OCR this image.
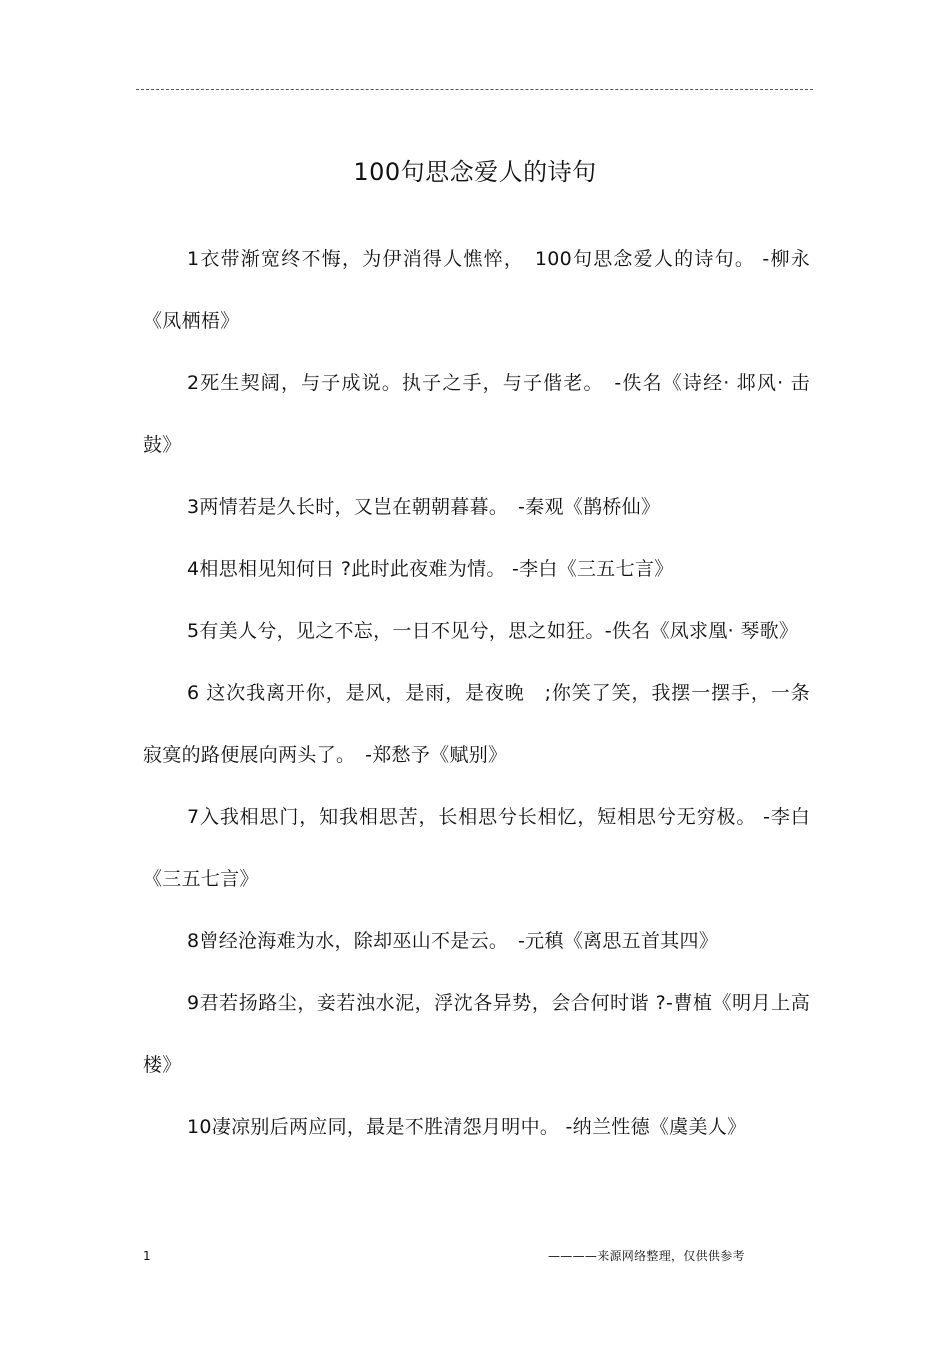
100句思念爱人的诗句

1衣带渐宽终不悔，为伊消得人憔悴，　100句思念爱人的诗句。 -柳永《凤栖梧》

2死生契阔，与子成说。执子之手，与子偕老。　-佚名《诗经· 邶风· 击鼓》

3两情若是久长时，又岂在朝朝暮暮。　-秦观《鹊桥仙》

4相思相见知何日 ?此时此夜难为情。 -李白《三五七言》

5有美人兮，见之不忘，一日不见兮，思之如狂。-佚名《凤求凰· 琴歌》

6 这次我离开你，是风，是雨，是夜晚　;你笑了笑，我摆一摆手，一条寂寞的路便展向两头了。　-郑愁予《赋别》

7入我相思门，知我相思苦，长相思兮长相忆，短相思兮无穷极。 -李白《三五七言》

8曾经沧海难为水，除却巫山不是云。　-元稹《离思五首其四》

9君若扬路尘，妾若浊水泥，浮沈各异势，会合何时谐 ?-曹植《明月上高楼》

10凄凉别后两应同，最是不胜清怨月明中。 -纳兰性德《虞美人》

1	————来源网络整理，仅供供参考
